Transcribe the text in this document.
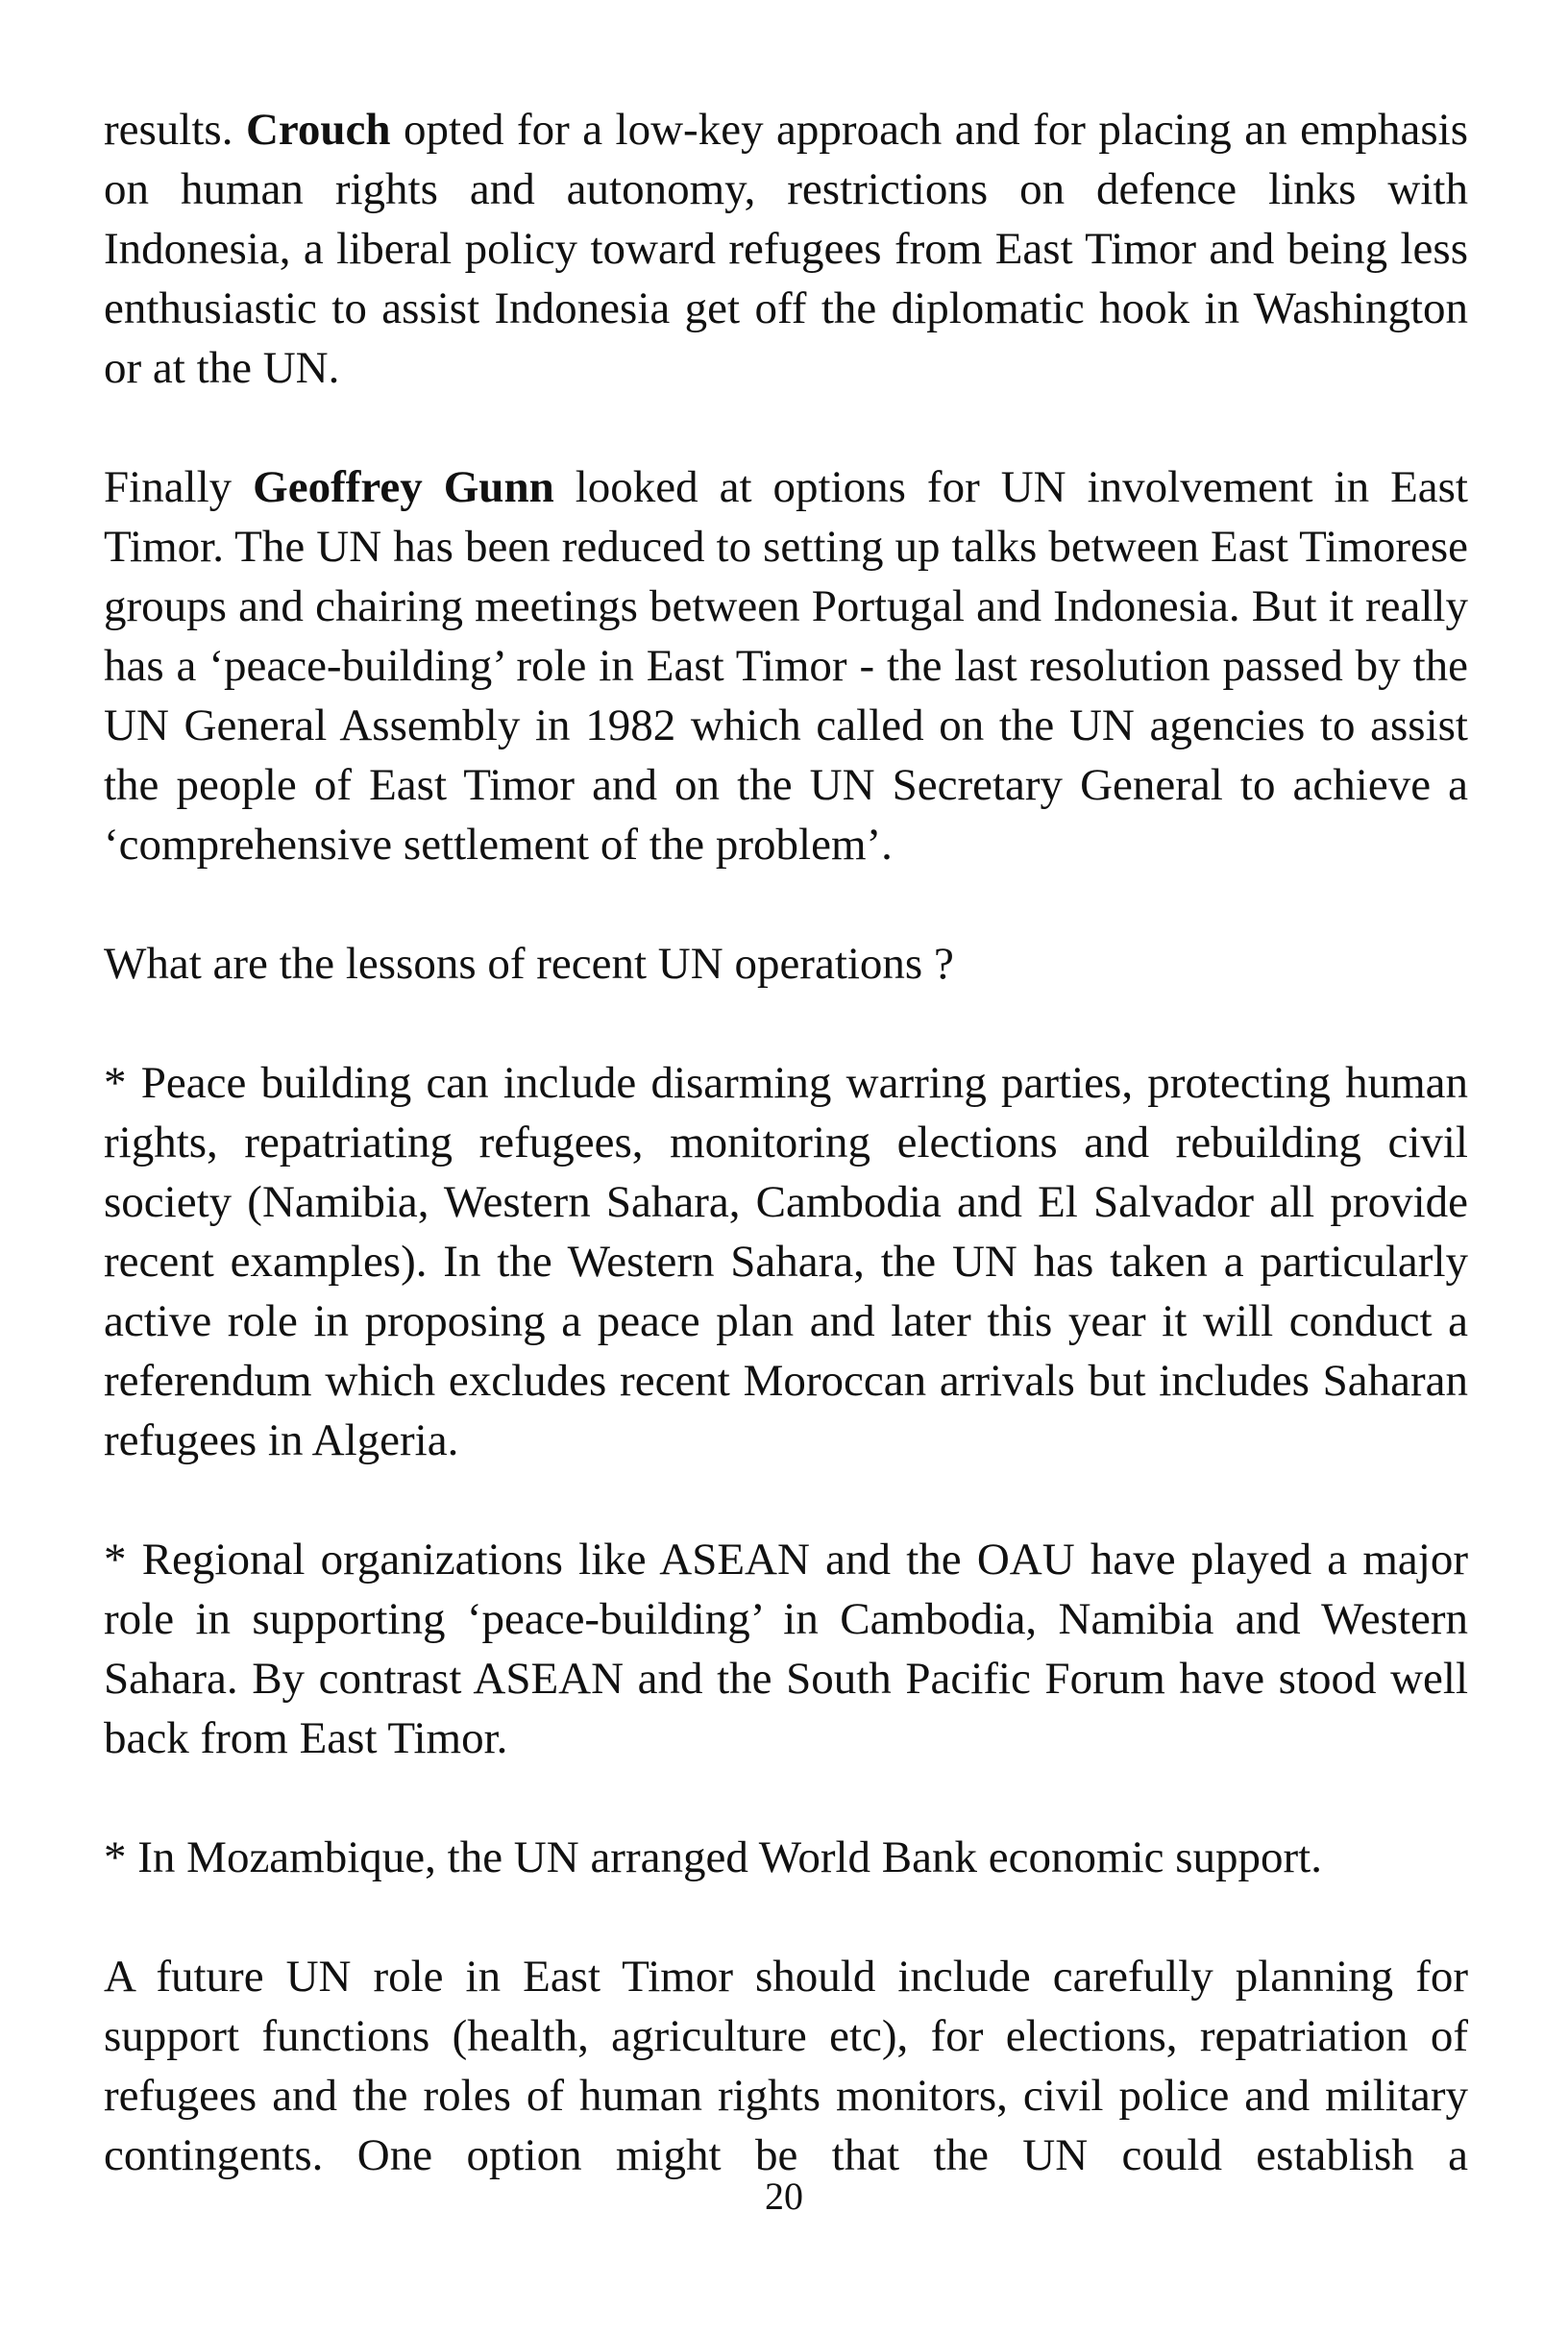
results. Crouch opted for a low-key approach and for placing an emphasis on human rights and autonomy, restrictions on defence links with Indonesia, a liberal policy toward refugees from East Timor and being less enthusiastic to assist Indonesia get off the diplomatic hook in Washington or at the UN.

Finally Geoffrey Gunn looked at options for UN involvement in East Timor. The UN has been reduced to setting up talks between East Timorese groups and chairing meetings between Portugal and Indonesia. But it really has a ‘peace-building’ role in East Timor - the last resolution passed by the UN General Assembly in 1982 which called on the UN agencies to assist the people of East Timor and on the UN Secretary General to achieve a ‘comprehensive settlement of the problem’.

What are the lessons of recent UN operations ?

* Peace building can include disarming warring parties, protecting human rights, repatriating refugees, monitoring elections and rebuilding civil society (Namibia, Western Sahara, Cambodia and El Salvador all provide recent examples). In the Western Sahara, the UN has taken a particularly active role in proposing a peace plan and later this year it will conduct a referendum which excludes recent Moroccan arrivals but includes Saharan refugees in Algeria.

* Regional organizations like ASEAN and the OAU have played a major role in supporting ‘peace-building’ in Cambodia, Namibia and Western Sahara. By contrast ASEAN and the South Pacific Forum have stood well back from East Timor.

* In Mozambique, the UN arranged World Bank economic support.

A future UN role in East Timor should include carefully planning for support functions (health, agriculture etc), for elections, repatriation of refugees and the roles of human rights monitors, civil police and military contingents. One option might be that the UN could establish a

20
